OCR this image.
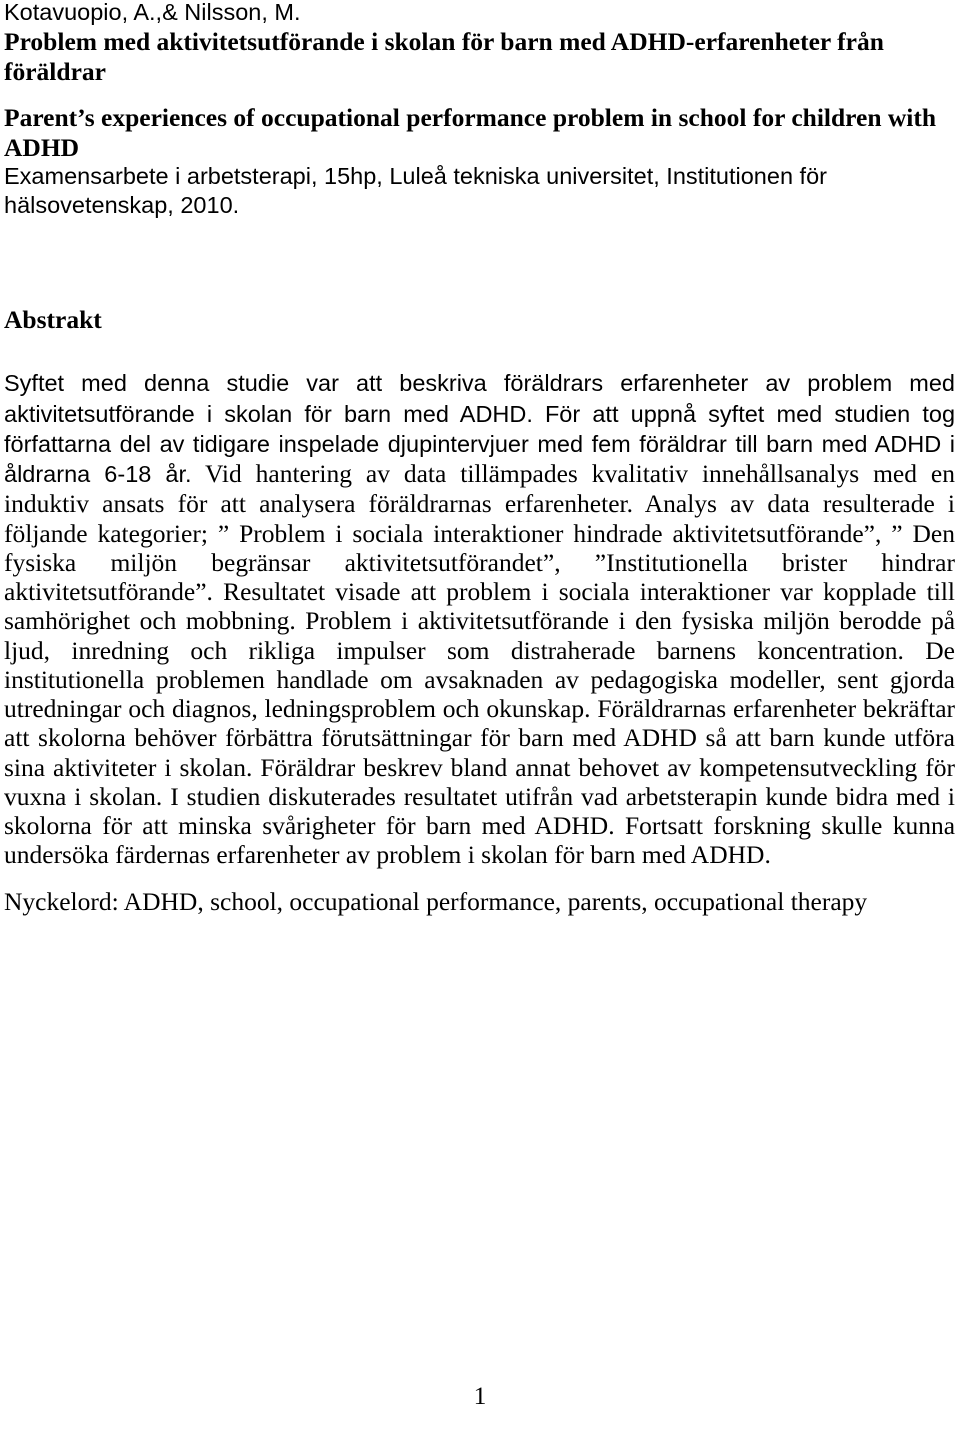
Kotavuopio, A.,& Nilsson, M.
Problem med aktivitetsutförande i skolan för barn med ADHD-erfarenheter från föräldrar
Parent’s experiences of occupational performance problem in school for children with ADHD
Examensarbete i arbetsterapi, 15hp, Luleå tekniska universitet, Institutionen för hälsovetenskap, 2010.
Abstrakt

Syftet med denna studie var att beskriva föräldrars erfarenheter av problem med aktivitetsutförande i skolan för barn med ADHD. För att uppnå syftet med studien tog författarna del av tidigare inspelade djupintervjuer med fem föräldrar till barn med ADHD i åldrarna 6-18 år. Vid hantering av data tillämpades kvalitativ innehållsanalys med en induktiv ansats för att analysera föräldrarnas erfarenheter. Analys av data resulterade i följande kategorier; ” Problem i sociala interaktioner hindrade aktivitetsutförande”, ” Den fysiska miljön begränsar aktivitetsutförandet”, ”Institutionella brister hindrar aktivitetsutförande”. Resultatet visade att problem i sociala interaktioner var kopplade till samhörighet och mobbning. Problem i aktivitetsutförande i den fysiska miljön berodde på ljud, inredning och rikliga impulser som distraherade barnens koncentration. De institutionella problemen handlade om avsaknaden av pedagogiska modeller, sent gjorda utredningar och diagnos, ledningsproblem och okunskap. Föräldrarnas erfarenheter bekräftar att skolorna behöver förbättra förutsättningar för barn med ADHD så att barn kunde utföra sina aktiviteter i skolan. Föräldrar beskrev bland annat behovet av kompetensutveckling för vuxna i skolan. I studien diskuterades resultatet utifrån vad arbetsterapin kunde bidra med i skolorna för att minska svårigheter för barn med ADHD. Fortsatt forskning skulle kunna undersöka färdernas erfarenheter av problem i skolan för barn med ADHD.

Nyckelord: ADHD, school, occupational performance, parents, occupational therapy
1
